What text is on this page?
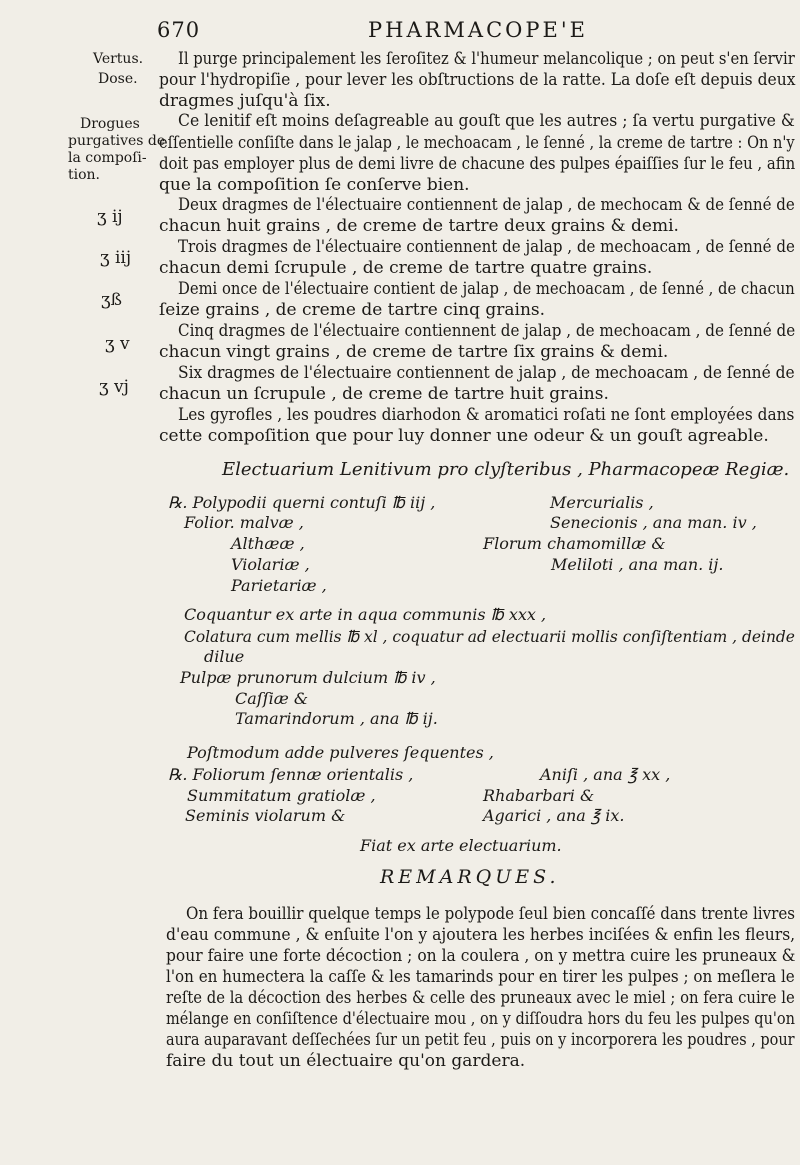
670	PHARMACOPE'E
Vertus.
Dose.
Drogues
purgatives de
la compoſi-
tion.
ʒ ij
ʒ iij
ʒß
ʒ v
ʒ vj
Il purge principalement les ſeroſitez & l'humeur melancolique ; on peut s'en ſervir
pour l'hydropiſie , pour lever les obſtructions de la ratte. La doſe eſt depuis deux
dragmes juſqu'à ſix.
Ce lenitif eſt moins deſagreable au gouſt que les autres ; ſa vertu purgative &
eſſentielle conſiſte dans le jalap , le mechoacam , le ſenné , la creme de tartre : On n'y
doit pas employer plus de demi livre de chacune des pulpes épaiſſies ſur le feu , afin
que la compoſition ſe conſerve bien.
Deux dragmes de l'électuaire contiennent de jalap , de mechocam & de ſenné de
chacun huit grains , de creme de tartre deux grains & demi.
Trois dragmes de l'électuaire contiennent de jalap , de mechoacam , de ſenné de
chacun demi ſcrupule , de creme de tartre quatre grains.
Demi once de l'électuaire contient de jalap , de mechoacam , de ſenné , de chacun
ſeize grains , de creme de tartre cinq grains.
Cinq dragmes de l'électuaire contiennent de jalap , de mechoacam , de ſenné de
chacun vingt grains , de creme de tartre ſix grains & demi.
Six dragmes de l'électuaire contiennent de jalap , de mechoacam , de ſenné de
chacun un ſcrupule , de creme de tartre huit grains.
Les gyrofles , les poudres diarhodon & aromatici roſati ne ſont employées dans
cette compoſition que pour luy donner une odeur & un gouſt agreable.
Electuarium Lenitivum pro clyſteribus , Pharmacopeæ Regiæ.
℞. Polypodii querni contuſi ℔ iij ,
Folior. malvæ ,
Althææ ,
Violariæ ,
Parietariæ ,
Mercurialis ,
Senecionis , ana man. iv ,
Florum chamomillæ &
Meliloti , ana man. ij.
Coquantur ex arte in aqua communis ℔ xxx ,
Colatura cum mellis ℔ xl , coquatur ad electuarii mollis conſiſtentiam , deinde
dilue
Pulpæ prunorum dulcium ℔ iv ,
Caſſiæ &
Tamarindorum , ana ℔ ij.
Poſtmodum adde pulveres ſequentes ,
℞. Foliorum ſennæ orientalis ,
Summitatum gratiolæ ,
Seminis violarum &
Aniſi , ana ℥ xx ,
Rhabarbari &
Agarici , ana ℥ ix.
Fiat ex arte electuarium.
REMARQUES.
On fera bouillir quelque temps le polypode ſeul bien concaſſé dans trente livres
d'eau commune , & enſuite l'on y ajoutera les herbes inciſées & enfin les fleurs,
pour faire une forte décoction ; on la coulera , on y mettra cuire les pruneaux &
l'on en humectera la caſſe & les tamarinds pour en tirer les pulpes ; on meſlera le
reſte de la décoction des herbes & celle des pruneaux avec le miel ; on fera cuire le
mélange en conſiſtence d'électuaire mou , on y diſſoudra hors du feu les pulpes qu'on
aura auparavant deſſechées ſur un petit feu , puis on y incorporera les poudres , pour
faire du tout un électuaire qu'on gardera.
